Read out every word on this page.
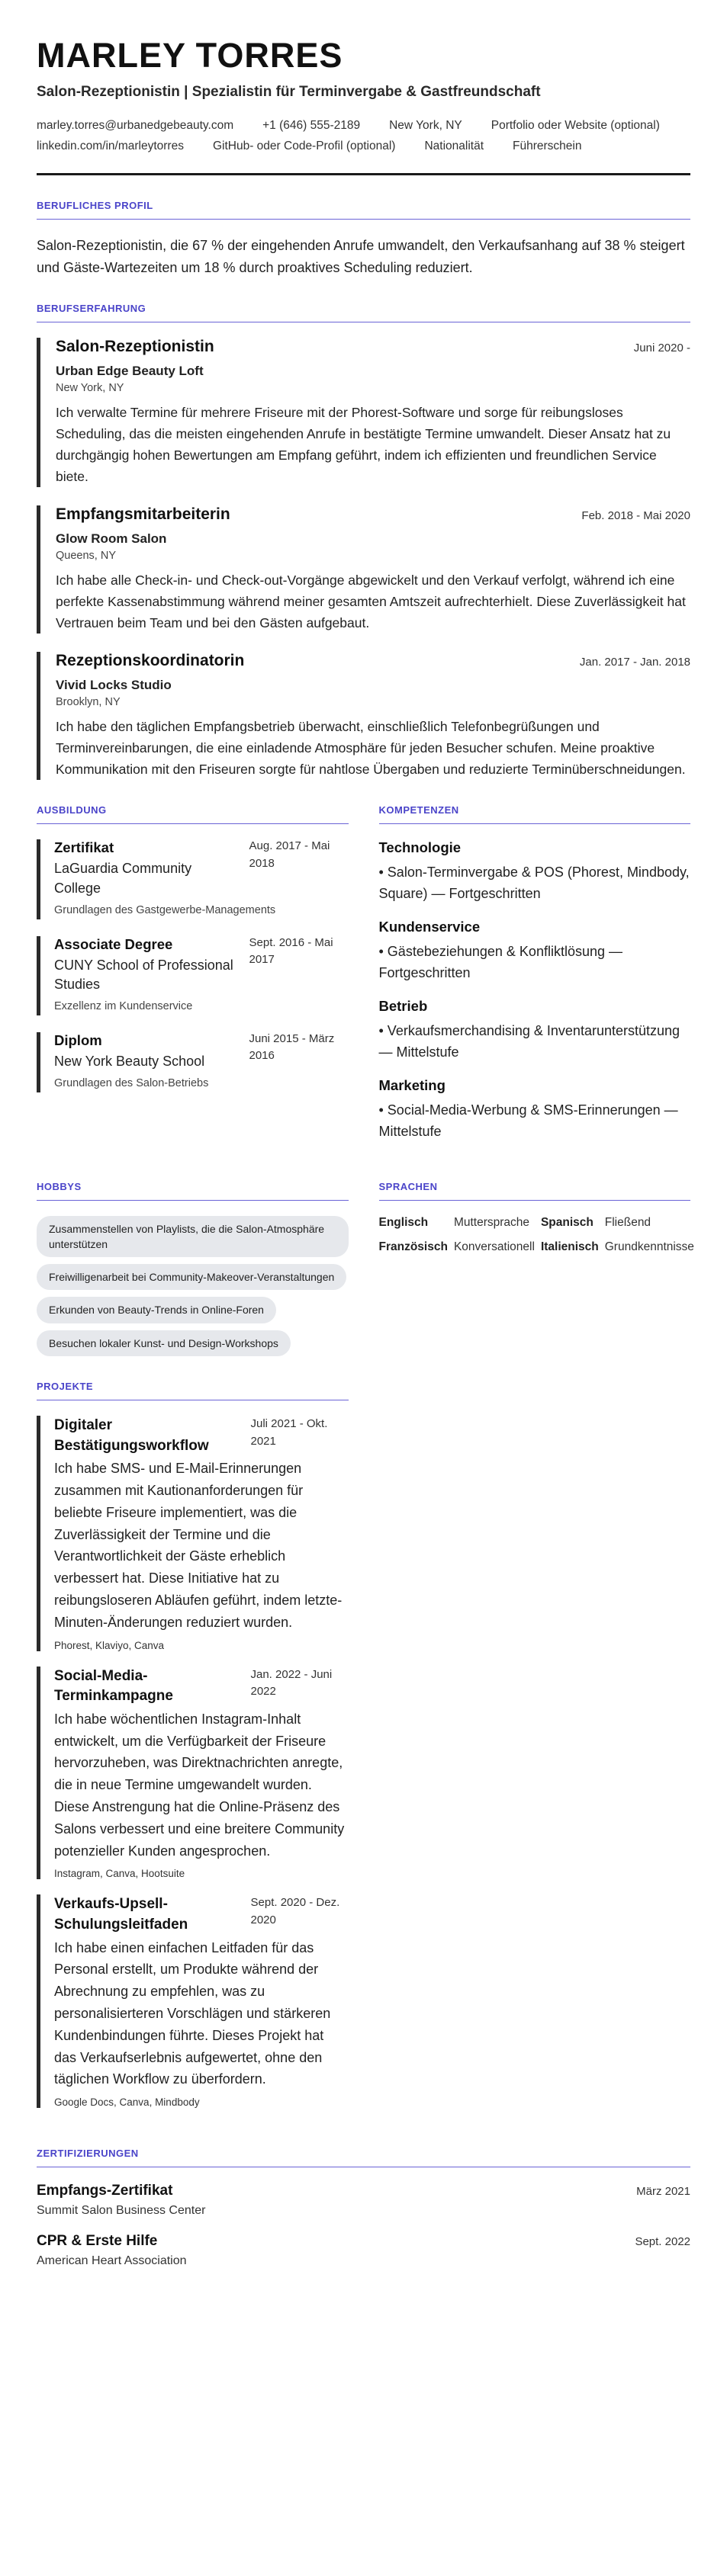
MARLEY TORRES
Salon-Rezeptionistin | Spezialistin für Terminvergabe & Gastfreundschaft
marley.torres@urbanedgebeauty.com +1 (646) 555-2189 New York, NY Portfolio oder Website (optional)
linkedin.com/in/marleytorres GitHub- oder Code-Profil (optional) Nationalität Führerschein
BERUFLICHES PROFIL

Salon-Rezeptionistin, die 67 % der eingehenden Anrufe umwandelt, den Verkaufsanhang auf 38 % steigert und Gäste-Wartezeiten um 18 % durch proaktives Scheduling reduziert.

BERUFSERFAHRUNG
Salon-Rezeptionistin	Juni 2020 -
Urban Edge Beauty Loft
New York, NY

Ich verwalte Termine für mehrere Friseure mit der Phorest-Software und sorge für reibungsloses Scheduling, das die meisten eingehenden Anrufe in bestätigte Termine umwandelt. Dieser Ansatz hat zu durchgängig hohen Bewertungen am Empfang geführt, indem ich effizienten und freundlichen Service biete.

Empfangsmitarbeiterin	Feb. 2018 - Mai 2020
Glow Room Salon
Queens, NY

Ich habe alle Check-in- und Check-out-Vorgänge abgewickelt und den Verkauf verfolgt, während ich eine perfekte Kassenabstimmung während meiner gesamten Amtszeit aufrechterhielt. Diese Zuverlässigkeit hat Vertrauen beim Team und bei den Gästen aufgebaut.

Rezeptionskoordinatorin	Jan. 2017 - Jan. 2018
Vivid Locks Studio
Brooklyn, NY

Ich habe den täglichen Empfangsbetrieb überwacht, einschließlich Telefonbegrüßungen und Terminvereinbarungen, die eine einladende Atmosphäre für jeden Besucher schufen. Meine proaktive Kommunikation mit den Friseuren sorgte für nahtlose Übergaben und reduzierte Terminüberschneidungen.

AUSBILDUNG
Zertifikat
LaGuardia Community College
Aug. 2017 - Mai 2018
Grundlagen des Gastgewerbe-Managements
Associate Degree
CUNY School of Professional Studies
Sept. 2016 - Mai 2017
Exzellenz im Kundenservice
Diplom
New York Beauty School
Juni 2015 - März 2016
Grundlagen des Salon-Betriebs
KOMPETENZEN
Technologie
• Salon-Terminvergabe & POS (Phorest, Mindbody, Square) — Fortgeschritten
Kundenservice
• Gästebeziehungen & Konfliktlösung — Fortgeschritten
Betrieb
• Verkaufsmerchandising & Inventarunterstützung — Mittelstufe
Marketing
• Social-Media-Werbung & SMS-Erinnerungen — Mittelstufe
HOBBYS
Zusammenstellen von Playlists, die die Salon-Atmosphäre unterstützen
Freiwilligenarbeit bei Community-Makeover-Veranstaltungen
Erkunden von Beauty-Trends in Online-Foren
Besuchen lokaler Kunst- und Design-Workshops
SPRACHEN
Englisch	Muttersprache Spanisch Fließend
Französisch Konversationell Italienisch Grundkenntnisse
PROJEKTE
Digitaler Bestätigungsworkflow
Juli 2021 - Okt. 2021

Ich habe SMS- und E-Mail-Erinnerungen zusammen mit Kautionanforderungen für beliebte Friseure implementiert, was die Zuverlässigkeit der Termine und die Verantwortlichkeit der Gäste erheblich verbessert hat. Diese Initiative hat zu reibungsloseren Abläufen geführt, indem letzte-Minuten-Änderungen reduziert wurden.

Phorest, Klaviyo, Canva
Social-Media-Terminkampagne
Jan. 2022 - Juni 2022

Ich habe wöchentlichen Instagram-Inhalt entwickelt, um die Verfügbarkeit der Friseure hervorzuheben, was Direktnachrichten anregte, die in neue Termine umgewandelt wurden. Diese Anstrengung hat die Online-Präsenz des Salons verbessert und eine breitere Community potenzieller Kunden angesprochen.

Instagram, Canva, Hootsuite
Verkaufs-Upsell-Schulungsleitfaden
Sept. 2020 - Dez. 2020

Ich habe einen einfachen Leitfaden für das Personal erstellt, um Produkte während der Abrechnung zu empfehlen, was zu personalisierteren Vorschlägen und stärkeren Kundenbindungen führte. Dieses Projekt hat das Verkaufserlebnis aufgewertet, ohne den täglichen Workflow zu überfordern.

Google Docs, Canva, Mindbody
ZERTIFIZIERUNGEN
Empfangs-Zertifikat	März 2021
Summit Salon Business Center
CPR & Erste Hilfe	Sept. 2022
American Heart Association
